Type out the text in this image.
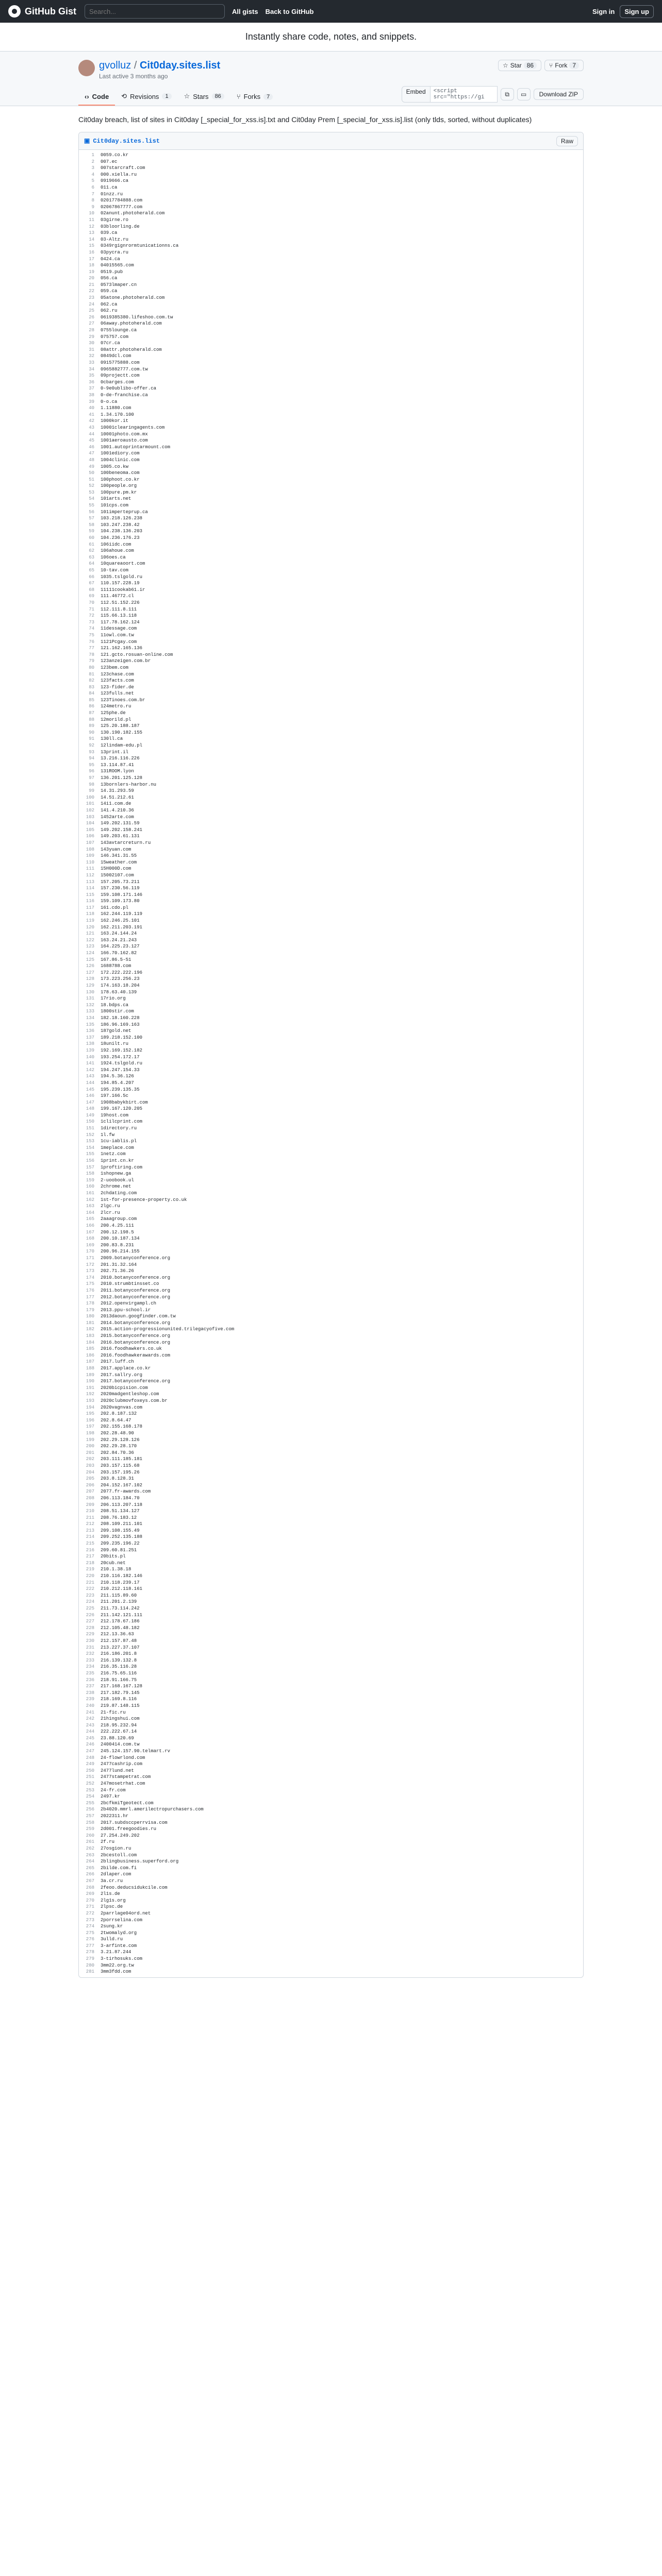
GitHub Gist
Search...	All gists Back to GitHub	Sign in	Sign up
Instantly share code, notes, and snippets.
gvolluz / Cit0day.sites.list
Last active 3 months ago
☆ Star 86	⑂ Fork 7
‹› Code ⟲ Revisions	1	☆ Stars	86	⑂ Forks	7
Embed	<script src="https://gi	⧉	▭	Download ZIP
Cit0day breach, list of sites in Cit0day [_special_for_xss.is].txt and Cit0day Prem [_special_for_xss.is].list (only tlds, sorted, without duplicates)
▣ Cit0day.sites.list	Raw
1	0059.co.kr
2	007.ec
3	007starcraft.com
4	000.xiella.ru
5	0919666.ca
6	011.ca
7	01nzz.ru
8	02017784888.com
9	02067867777.com
10	02anunt.photoherald.com
11	03girne.ro
12	03bloorling.de
13	039.ca
14	03-Altz.ru
15	0349rgignrormtunicationns.ca
16	03pycra.ru
17	0424.ca
18	04015565.com
19	0519.pub
20	056.ca
21	0573lmaper.cn
22	059.ca
23	05atone.photoherald.com
24	062.ca
25	062.ru
26	0619385380.lifeshoo.com.tw
27	06away.photoherald.com
28	0755lounge.ca
29	075757.com
30	07cr.ca
31	08attr.photoherald.com
32	0849dcl.com
33	0915775888.com
34	0965882777.com.tw
35	09projectt.com
36	0cbarges.com
37	0-9e0ublibo-offer.ca
38	0-de-franchise.ca
39	0-o.ca
40	1.11880.com
41	1.34.170.100
42	1000kor.it
43	10001clearingagents.com
44	10001photo.com.mx
45	1001aeroausto.com
46	1001.autoprintarmount.com
47	1001ediory.com
48	1004clinic.com
49	1005.co.kw
50	100beneoma.com
51	100phoot.co.kr
52	100people.org
53	100pure.pm.kr
54	101arts.net
55	101cps.com
56	101imperteprup.ca
57	103.218.126.238
58	103.247.238.42
59	104.238.136.203
60	104.236.176.23
61	106iidc.com
62	106ahoue.com
63	106oes.ca
64	10quareaoort.com
65	10-tav.com
66	1035.tslgold.ru
67	110.157.228.19
68	11111cookab61.ir
69	111.46772.cl
70	112.51.152.226
71	112.111.8.111
72	115.66.13.118
73	117.78.162.124
74	11dessage.com
75	11owl.com.tw
76	1121Pcgay.com
77	121.162.165.136
78	121.gcto.rosuan-online.com
79	123anzeigen.com.br
80	123bem.com
81	123chase.com
82	123facts.com
83	123-fider.de
84	123fulls.net
85	123Tinoes.com.br
86	124metro.ru
87	125phe.de
88	12morild.pl
89	125.20.188.187
90	130.190.182.155
91	130ll.ca
92	12lindam-edu.pl
93	13print.il
94	13.216.116.226
95	13.114.87.41
96	131ROOM.lyon
97	136.201.125.128
98	13bornlers-harbor.nu
99	14.31.293.59
100	14.51.212.61
101	14i1.com.de
102	141.4.210.36
103	1452arte.com
104	149.202.131.59
105	149.202.158.241
106	149.203.61.131
107	143avtarcreturn.ru
108	143yuan.com
109	146.341.31.55
110	15weather.com
111	15H000D.com
112	15002107.com
113	157.205.73.211
114	157.230.56.119
115	159.108.171.146
116	159.109.173.80
117	161.cdo.pl
118	162.244.119.119
119	162.246.25.101
120	162.211.203.191
121	163.24.144.24
122	163.24.21.243
123	164.225.23.127
124	166.70.162.82
125	167.86.5-51
126	1688788.com
127	172.222.222.196
128	173.223.256.23
129	174.163.18.204
130	178.63.40.139
131	17rio.org
132	18.bdps.ca
133	1800stir.com
134	182.18.160.228
135	186.96.169.163
136	187gold.net
137	189.218.152.100
138	18unilt.ru
139	192.169.152.182
140	193.254.172.17
141	1924.tslgold.ru
142	194.247.154.33
143	194.5.36.126
144	194.85.4.207
145	195.239.135.35
146	197.166.5c
147	1908babykbirt.com
148	199.167.120.205
149	19host.com
150	1clilcprint.com
151	1directory.ru
152	1l.fw
153	1cu-iablis.pl
154	1meplace.com
155	1netz.com
156	1print.cn.kr
157	1proftiring.com
158	1shopnew.ga
159	2-uoobook.ul
160	2chrome.net
161	2chdating.com
162	1st-for-presence-property.co.uk
163	2lgc.ru
164	2lcr.ru
165	2aaagroup.com
166	200.4.25.111
167	200.12.198.5
168	200.10.187.134
169	200.83.8.231
170	200.96.214.155
171	2009.botanyconference.org
172	201.31.32.164
173	202.71.36.26
174	2010.botanyconference.org
175	2010.strumbtinsset.co
176	2011.botanyconference.org
177	2012.botanyconference.org
178	2012.openvirgampl.ch
179	2013.ppu-school.ir
180	2013daoun.googfinder.com.tw
181	2014.botanyconference.org
182	2015.action-progressionunited.trilegacyofive.com
183	2015.botanyconference.org
184	2016.botanyconference.org
185	2016.foodhawkers.co.uk
186	2016.foodhawkerawards.com
187	2017.luff.ch
188	2017.applace.co.kr
189	2017.sallry.org
190	2017.botanyconference.org
191	2020bicpision.com
192	2020madgentleshop.com
193	2020clubmovfoxeys.com.br
194	2020vagnvas.com
195	202.8.187.132
196	202.8.64.47
197	202.155.168.178
198	202.28.48.90
199	202.29.128.126
200	202.29.28.170
201	202.84.70.36
202	203.111.185.181
203	203.157.115.68
204	203.157.195.26
205	203.8.128.31
206	204.152.167.102
207	2077.fr-awards.com
208	206.113.184.70
209	206.113.207.118
210	208.51.134.127
211	208.76.183.12
212	208.109.211.101
213	209.108.155.49
214	209.252.135.188
215	209.235.196.22
216	209.60.81.251
217	20bits.pl
218	20cub.net
219	210.1.38.18
220	210.116.182.146
221	210.118.239.17
222	210.212.118.161
223	211.115.89.60
224	211.201.2.139
225	211.73.114.242
226	211.142.121.111
227	212.178.67.186
228	212.105.48.182
229	212.13.36.63
230	212.157.87.48
231	213.227.37.107
232	216.186.201.8
233	216.139.132.8
234	216.35.116.28
235	216.75.65.116
236	218.91.166.75
237	217.168.167.128
238	217.182.79.145
239	218.169.8.116
240	219.87.148.115
241	21-fic.ru
242	21hingshui.com
243	218.95.232.94
244	222.222.67.14
245	23.88.120.69
246	2400414.com.tw
247	245.124.157.90.telmart.rv
248	24-flowrlond.com
249	2477cashrip.com
250	2477lund.net
251	2477stampetrat.com
252	247mosetrhat.com
253	24-fr.com
254	2497.kr
255	2bcfkmiTgeotect.com
256	2b4020.mmrl.amerilectropurchasers.com
257	2022311.hr
258	2017.subdsccperrvisa.com
259	2d001.freegoodies.ru
260	27.254.249.202
261	2f.ru
262	27osgion.ru
263	2bcestoll.com
264	2blingbusiness.superford.org
265	2bilde.com.fi
266	2dlaper.com
267	3a.cr.ru
268	2feoo.deducsidukcile.com
269	2l1s.de
270	2lg1s.org
271	2lpsc.de
272	2parrlage04ord.net
273	2porrselina.com
274	2sung.kr
275	2twomalyd.org
276	3ulld.ru
277	3-arfinte.com
278	3.21.87.244
279	3-tirhosuks.com
280	3mm22.org.tw
281	3mm3fdd.com
